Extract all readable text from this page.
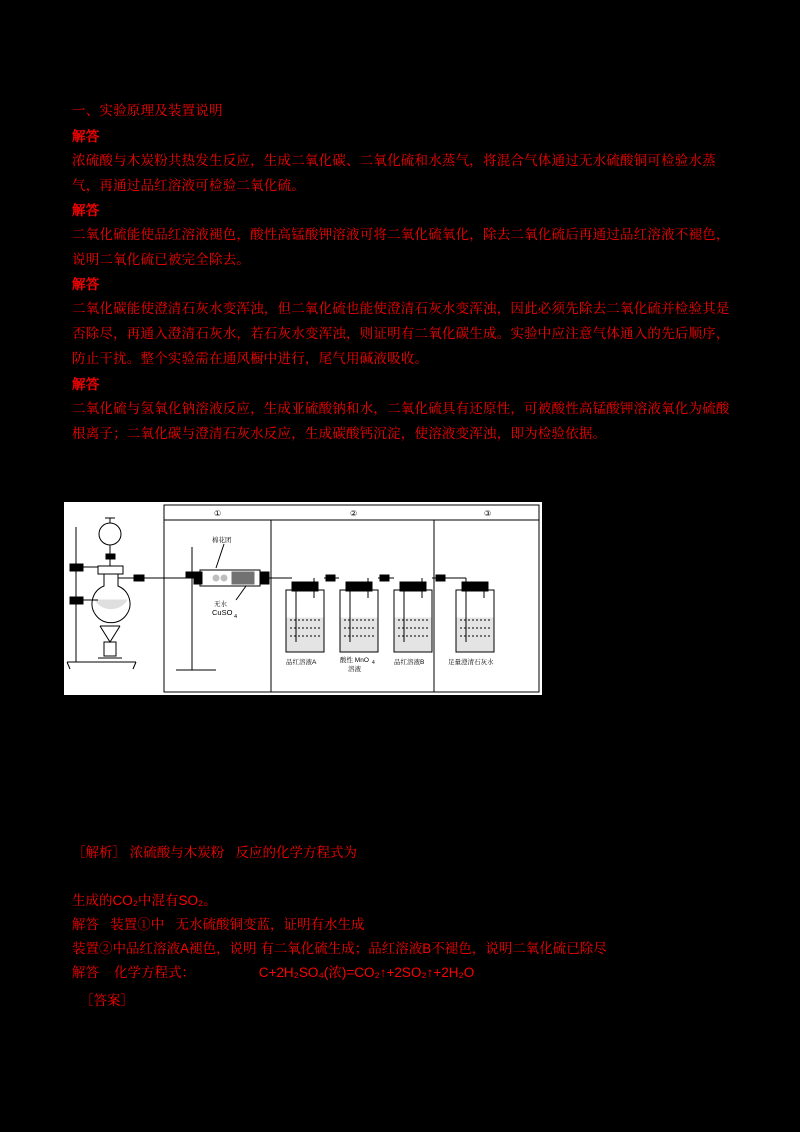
一、实验原理及装置说明
解答
浓硫酸与木炭粉共热发生反应，生成二氧化碳、二氧化硫和水蒸气，将混合气体通过无水硫酸铜可检验水蒸气，再通过品红溶液可检验二氧化硫。
解答
二氧化硫能使品红溶液褪色，酸性高锰酸钾溶液可将二氧化硫氧化，除去二氧化硫后再通过品红溶液不褪色，说明二氧化硫已被完全除去。
解答
二氧化碳能使澄清石灰水变浑浊，但二氧化硫也能使澄清石灰水变浑浊，因此必须先除去二氧化硫并检验其是否除尽，再通入澄清石灰水，若石灰水变浑浊，则证明有二氧化碳生成。实验中应注意气体通入的先后顺序，防止干扰。整个实验需在通风橱中进行，尾气用碱液吸收。
解答
二氧化硫与氢氧化钠溶液反应，生成亚硫酸钠和水，二氧化硫具有还原性，可被酸性高锰酸钾溶液氧化为硫酸根离子；二氧化碳与澄清石灰水反应，生成碳酸钙沉淀，使溶液变浑浊，即为检验依据。
①	②	③
棉花团
无水
CuSO 4
品红溶液A	酸性 MnO 4
溶液
品红溶液B	足量澄清石灰水
［解析］ 浓硫酸与木炭粉   反应的化学方程式为
生成的CO₂中混有SO₂。
解答   装置①中   无水硫酸铜变蓝，证明有水生成
装置②中品红溶液A褪色，说明 有二氧化硫生成；品红溶液B不褪色，说明二氧化硫已除尽
解答    化学方程式：                 C+2H₂SO₄(浓)=CO₂↑+2SO₂↑+2H₂O
［答案］
